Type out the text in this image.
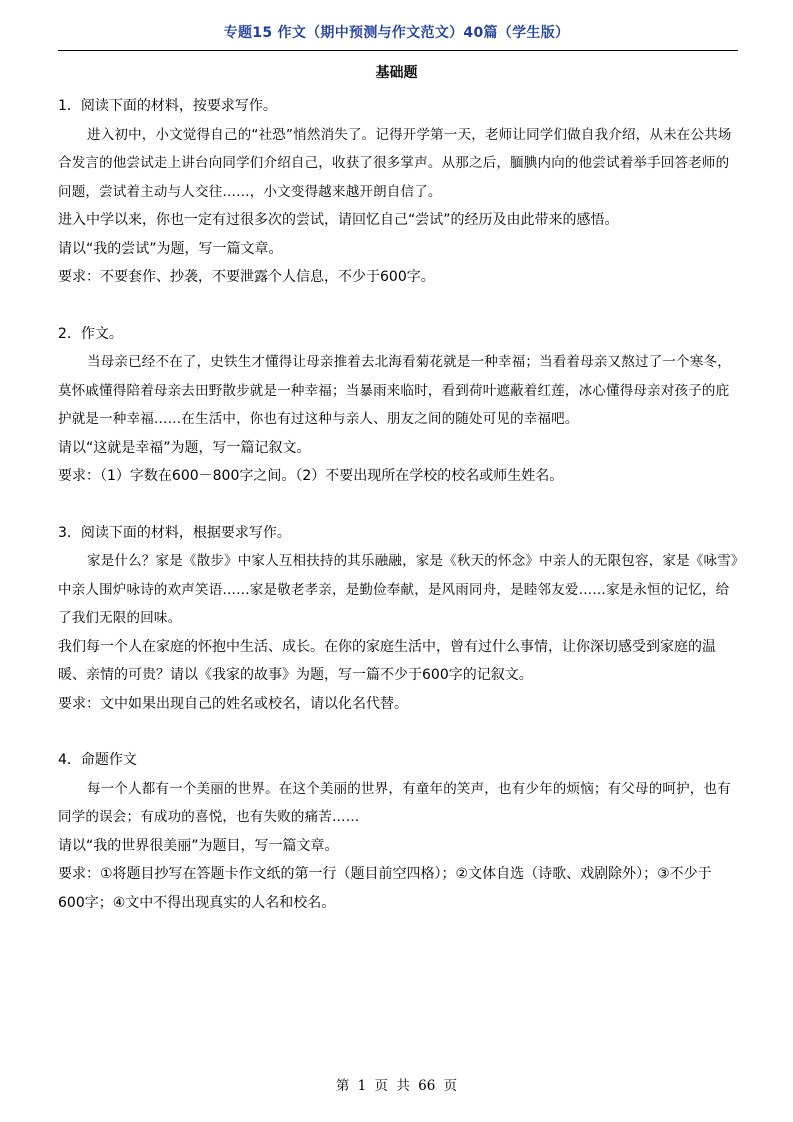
专题15 作文（期中预测与作文范文）40篇（学生版）
基础题

1．阅读下面的材料，按要求写作。

进入初中，小文觉得自己的“社恐”悄然消失了。记得开学第一天，老师让同学们做自我介绍，从未在公共场合发言的他尝试走上讲台向同学们介绍自己，收获了很多掌声。从那之后，腼腆内向的他尝试着举手回答老师的问题，尝试着主动与人交往……，小文变得越来越开朗自信了。

进入中学以来，你也一定有过很多次的尝试，请回忆自己“尝试”的经历及由此带来的感悟。

请以“我的尝试”为题，写一篇文章。

要求：不要套作、抄袭，不要泄露个人信息，不少于600字。

2．作文。

当母亲已经不在了，史铁生才懂得让母亲推着去北海看菊花就是一种幸福；当看着母亲又熬过了一个寒冬，莫怀戚懂得陪着母亲去田野散步就是一种幸福；当暴雨来临时，看到荷叶遮蔽着红莲，冰心懂得母亲对孩子的庇护就是一种幸福……在生活中，你也有过这种与亲人、朋友之间的随处可见的幸福吧。

请以“这就是幸福”为题，写一篇记叙文。

要求：（1）字数在600－800字之间。（2）不要出现所在学校的校名或师生姓名。

3．阅读下面的材料，根据要求写作。

家是什么？家是《散步》中家人互相扶持的其乐融融，家是《秋天的怀念》中亲人的无限包容，家是《咏雪》中亲人围炉咏诗的欢声笑语……家是敬老孝亲，是勤俭奉献，是风雨同舟，是睦邻友爱……家是永恒的记忆，给了我们无限的回味。

我们每一个人在家庭的怀抱中生活、成长。在你的家庭生活中，曾有过什么事情，让你深切感受到家庭的温暖、亲情的可贵？请以《我家的故事》为题，写一篇不少于600字的记叙文。

要求：文中如果出现自己的姓名或校名，请以化名代替。

4．命题作文

每一个人都有一个美丽的世界。在这个美丽的世界，有童年的笑声，也有少年的烦恼；有父母的呵护，也有同学的误会；有成功的喜悦，也有失败的痛苦……

请以“我的世界很美丽”为题目，写一篇文章。

要求：①将题目抄写在答题卡作文纸的第一行（题目前空四格）；②文体自选（诗歌、戏剧除外）；③不少于600字；④文中不得出现真实的人名和校名。

第 1 页 共 66 页
